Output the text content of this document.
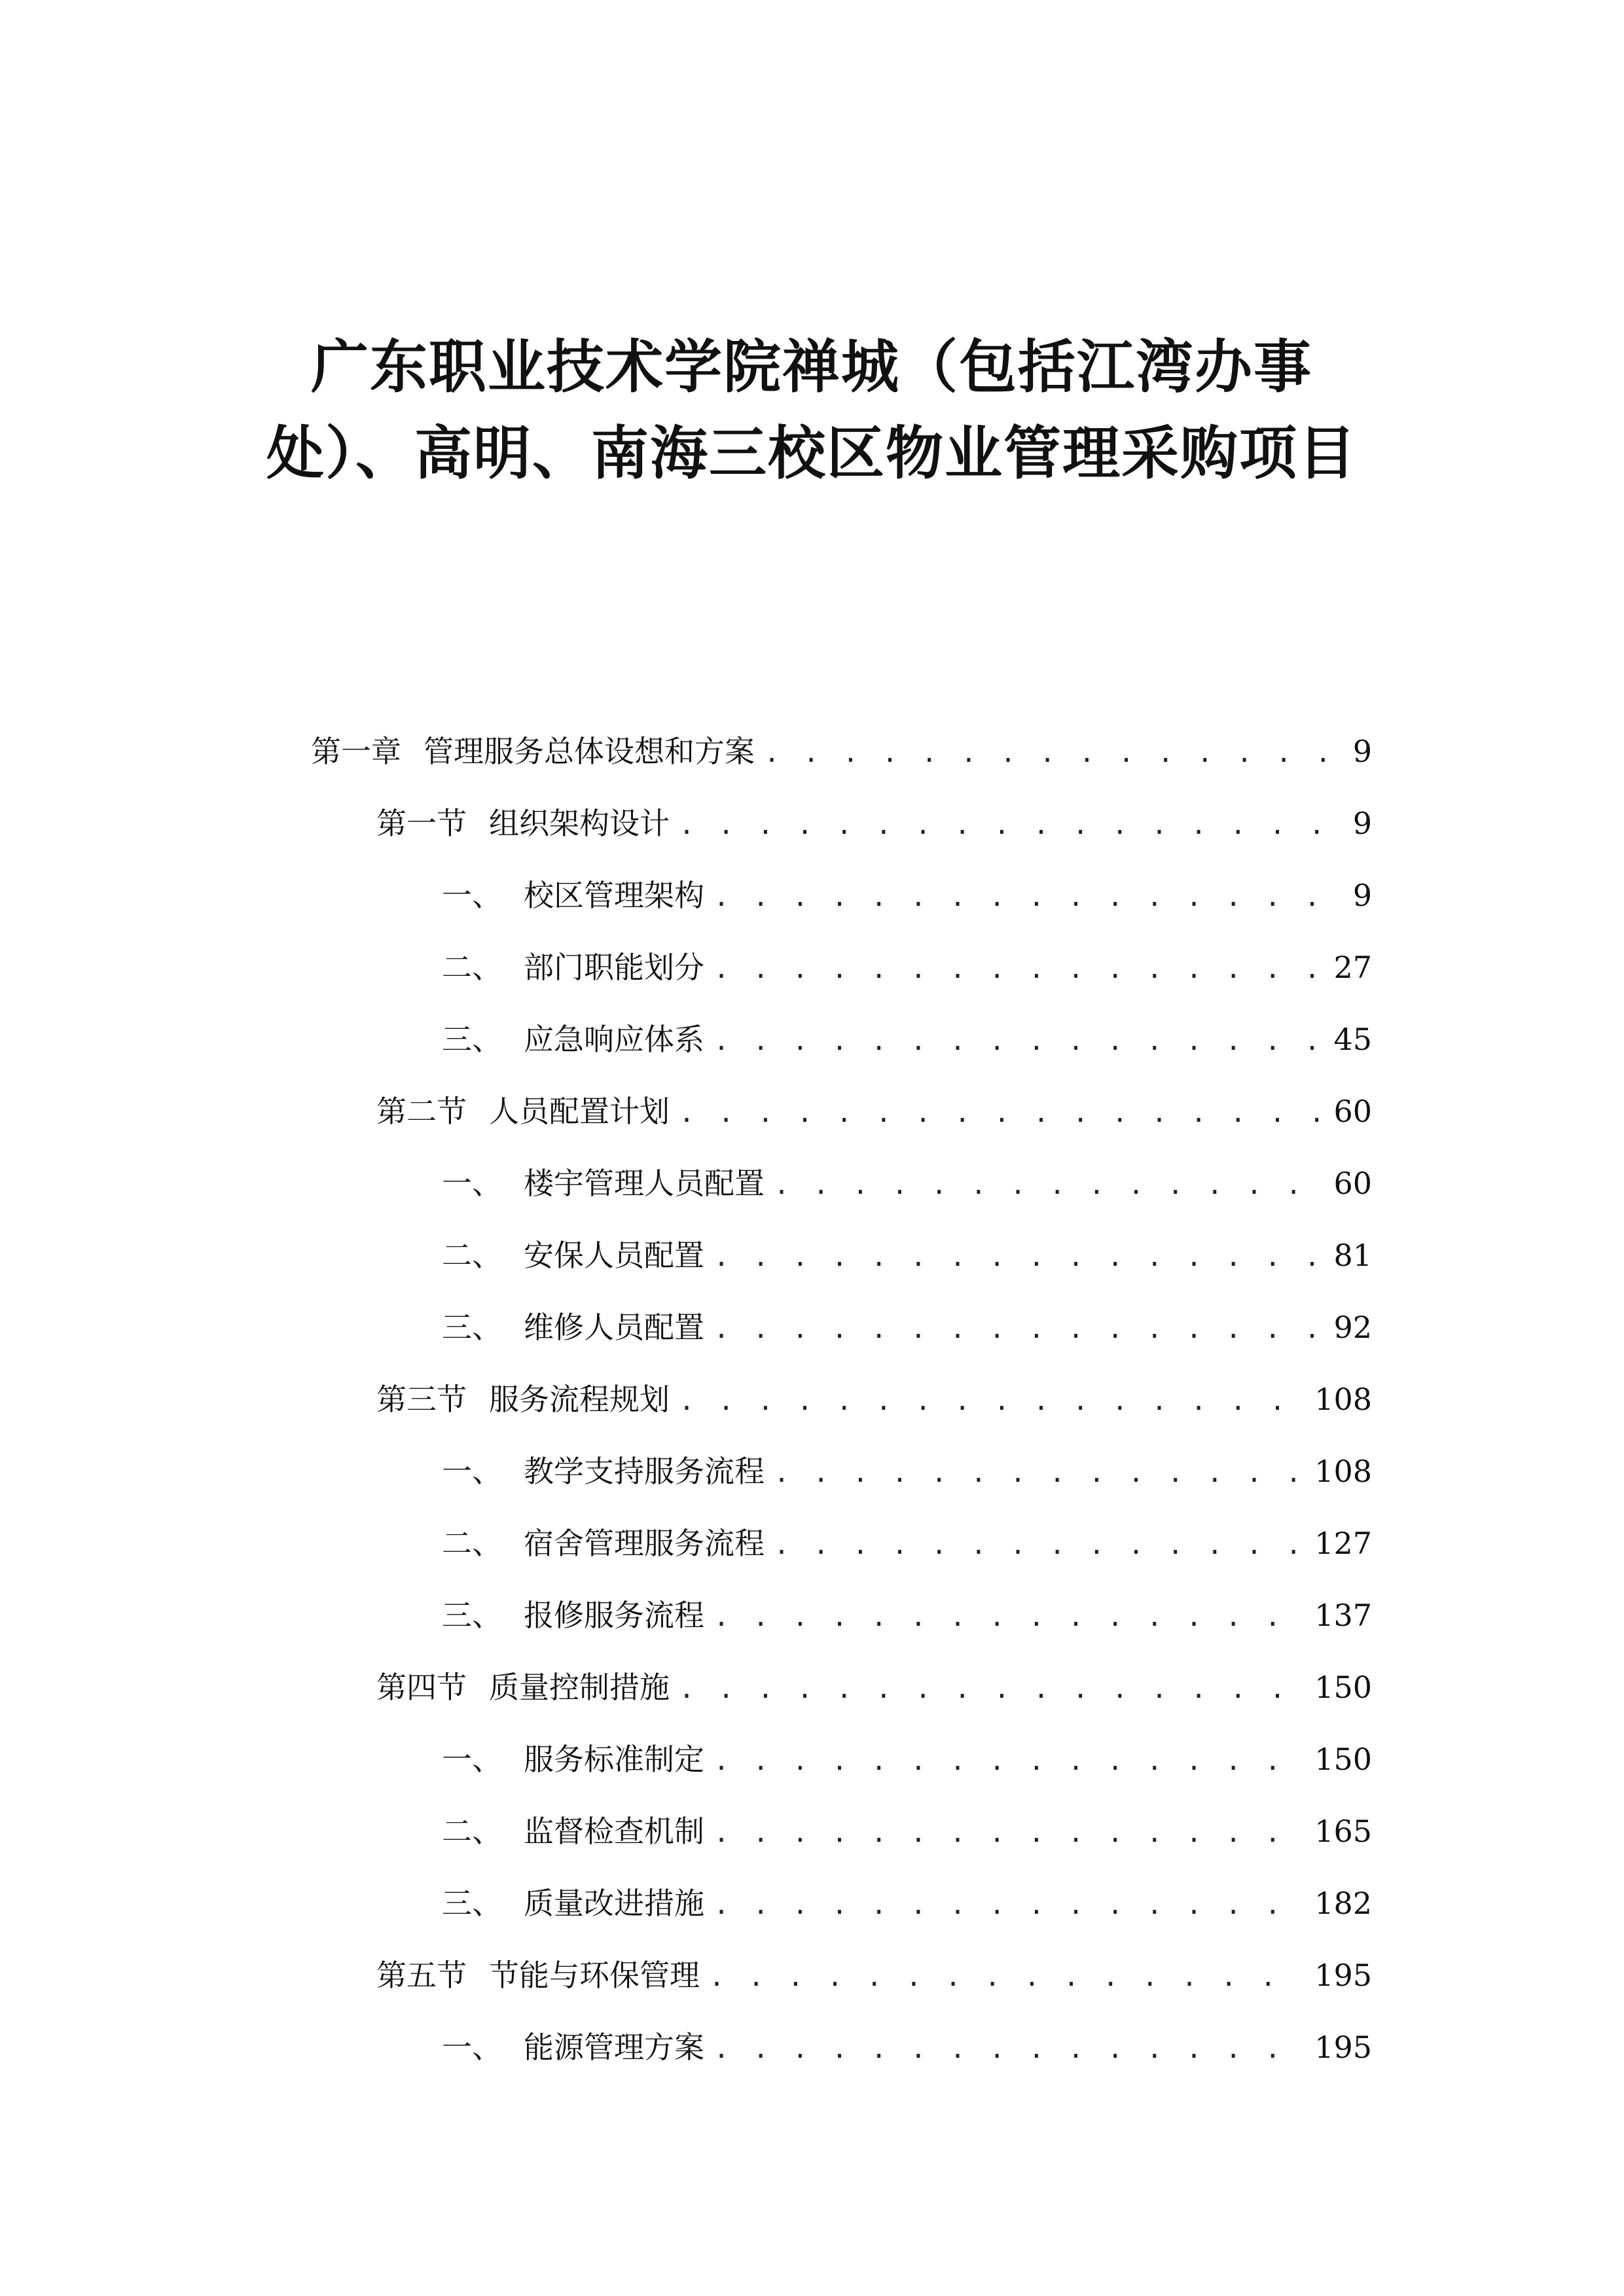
广东职业技术学院禅城（包括江湾办事处）、高明、南海三校区物业管理采购项目
第一章 管理服务总体设想和方案 . . .	9
第一节 组织架构设计 . . .	9
一、 校区管理架构 . . .	9
二、 部门职能划分 . . .	27
三、 应急响应体系 . . .	45
第二节 人员配置计划 . . .	60
一、 楼宇管理人员配置 . . .	60
二、 安保人员配置 . . .	81
三、 维修人员配置 . . .	92
第三节 服务流程规划 . . .	108
一、 教学支持服务流程 . . .	108
二、 宿舍管理服务流程 . . .	127
三、 报修服务流程 . . .	137
第四节 质量控制措施 . . .	150
一、 服务标准制定 . . .	150
二、 监督检查机制 . . .	165
三、 质量改进措施 . . .	182
第五节 节能与环保管理 . . .	195
一、 能源管理方案 . . .	195
